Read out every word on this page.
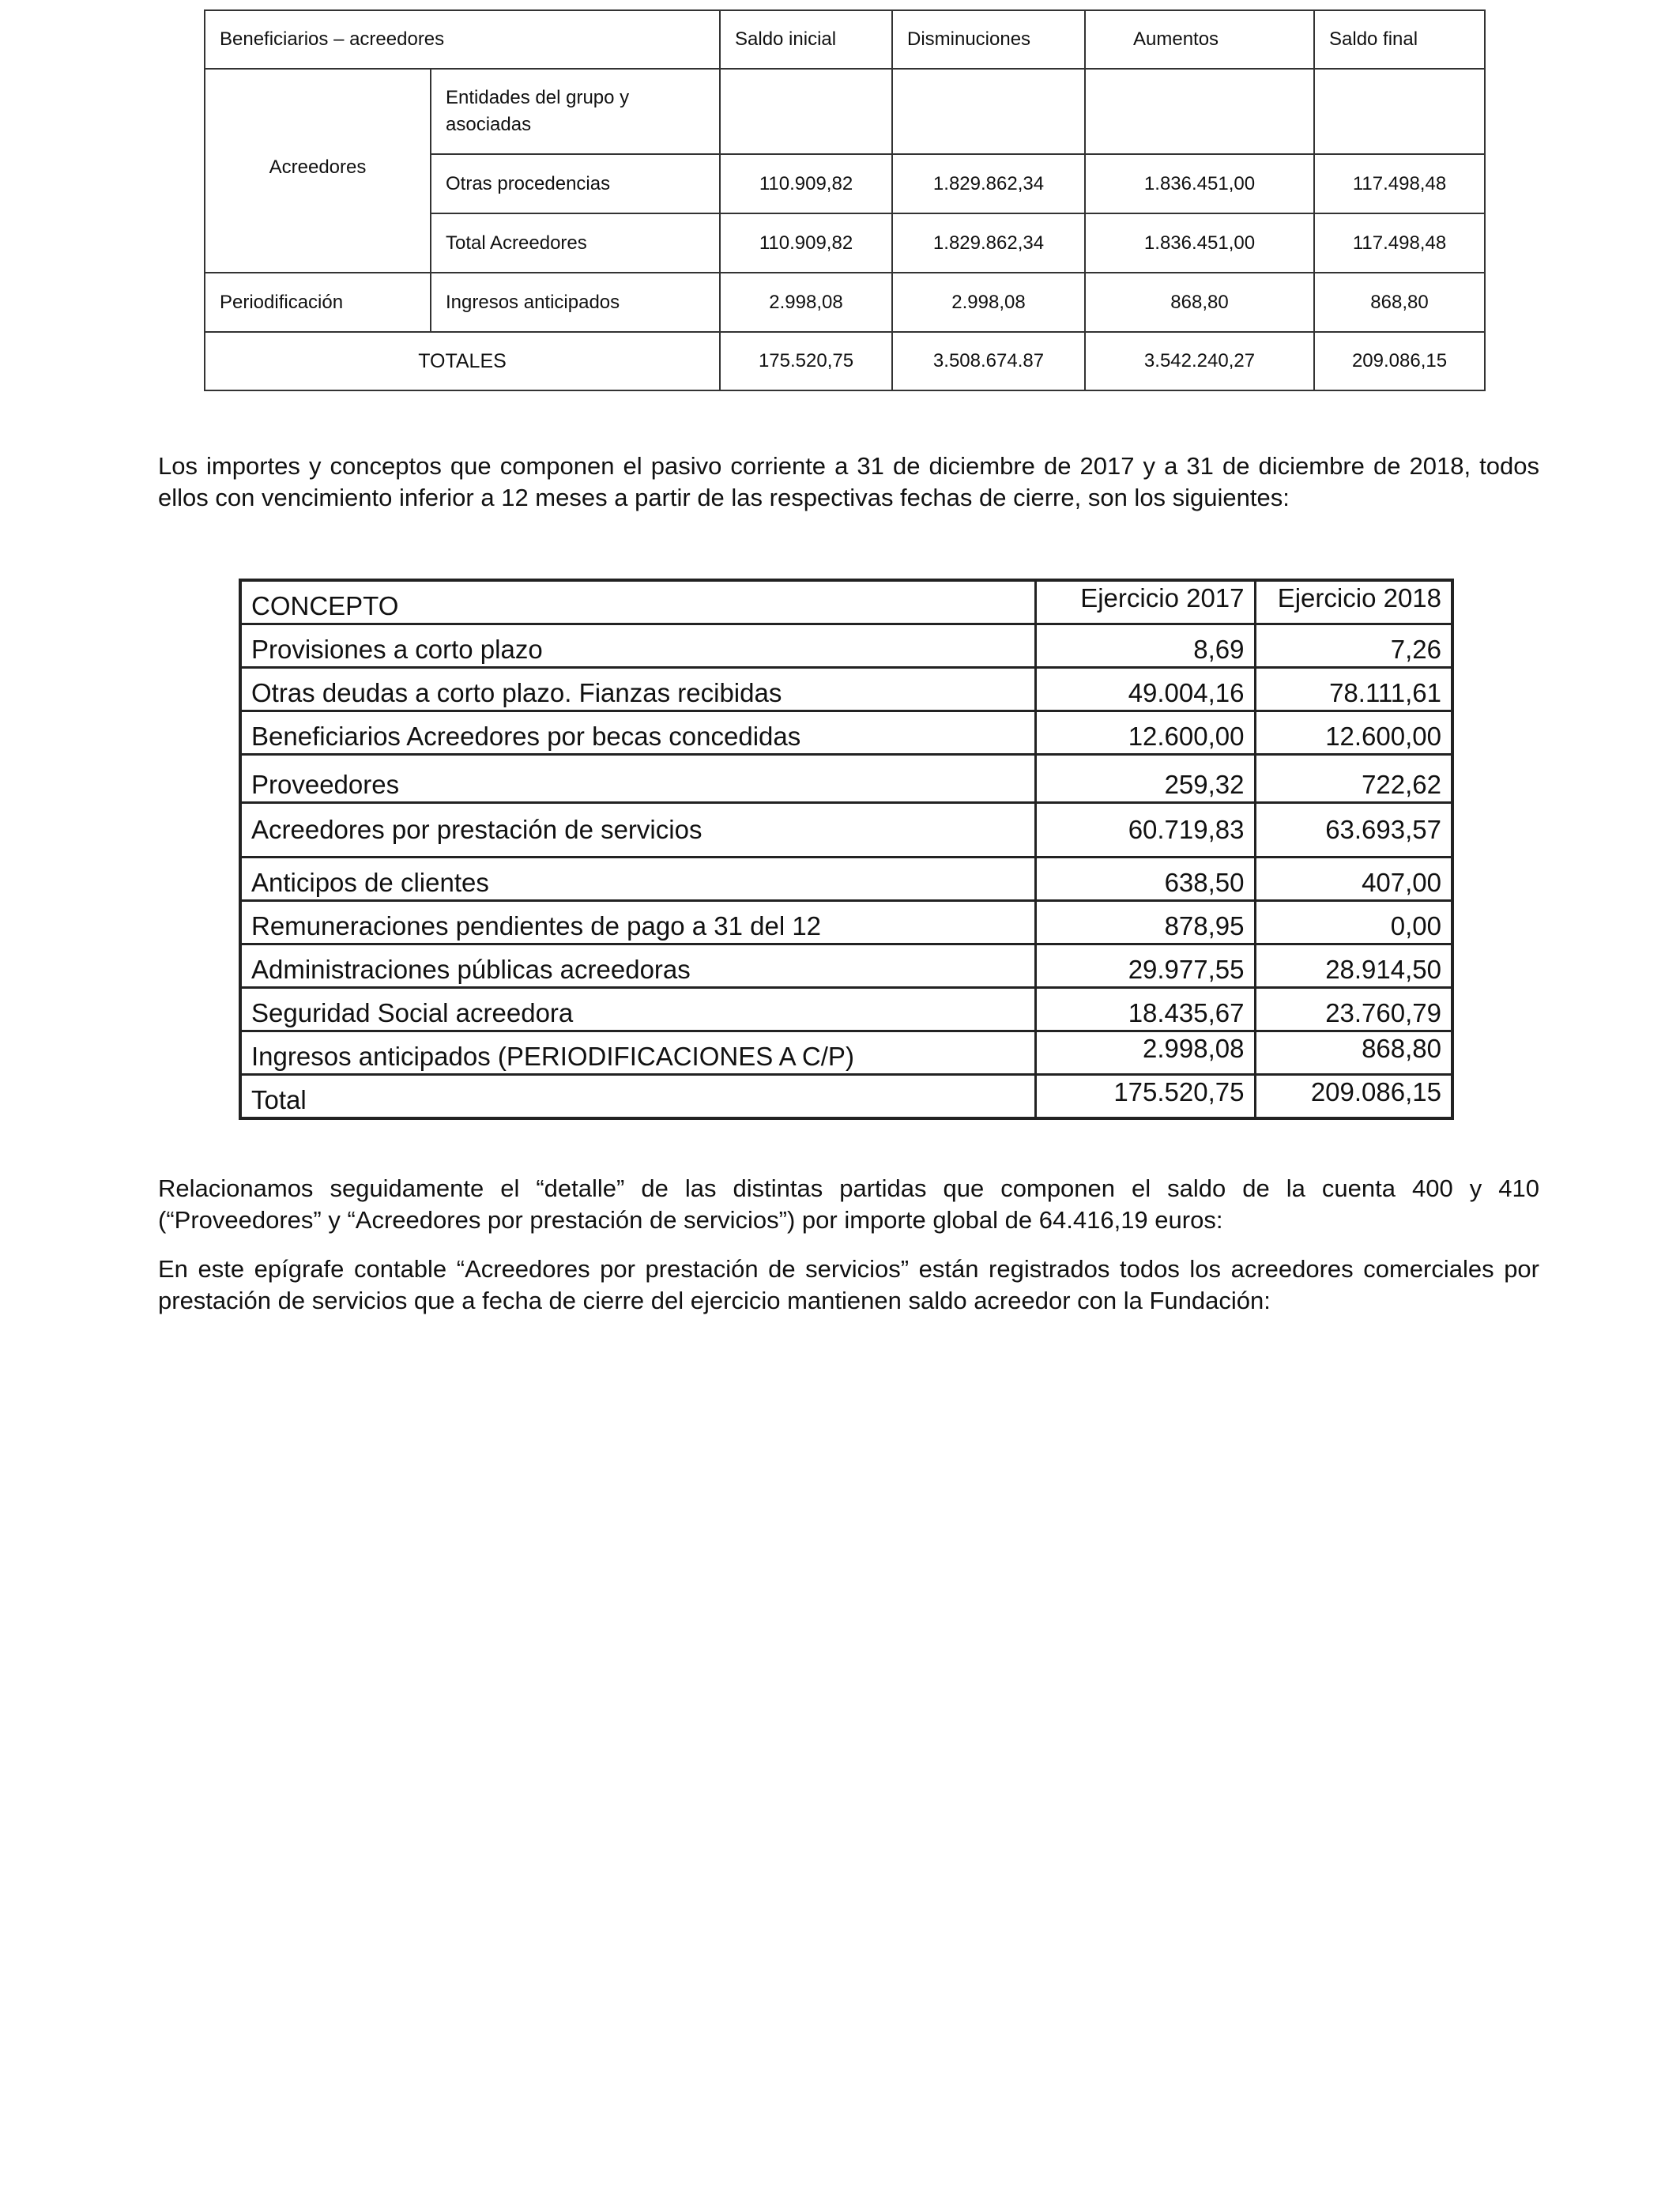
Beneficiarios – acreedores		Saldo inicial	Disminuciones	Aumentos	Saldo final
Acreedores	Entidades del grupo y asociadas				
	Otras procedencias	110.909,82	1.829.862,34	1.836.451,00	117.498,48
	Total Acreedores	110.909,82	1.829.862,34	1.836.451,00	117.498,48
Periodificación	Ingresos anticipados	2.998,08	2.998,08	868,80	868,80
TOTALES		175.520,75	3.508.674.87	3.542.240,27	209.086,15

Los importes y conceptos que componen el pasivo corriente a 31 de diciembre de 2017 y a 31 de diciembre de 2018, todos ellos con vencimiento inferior a 12 meses a partir de las respectivas fechas de cierre, son los siguientes:

CONCEPTO	Ejercicio 2017	Ejercicio 2018
Provisiones a corto plazo	8,69	7,26
Otras deudas a corto plazo. Fianzas recibidas	49.004,16	78.111,61
Beneficiarios Acreedores por becas concedidas	12.600,00	12.600,00
Proveedores	259,32	722,62
Acreedores por prestación de servicios	60.719,83	63.693,57
Anticipos de clientes	638,50	407,00
Remuneraciones pendientes de pago a 31 del 12	878,95	0,00
Administraciones públicas acreedoras	29.977,55	28.914,50
Seguridad Social acreedora	18.435,67	23.760,79
Ingresos anticipados (PERIODIFICACIONES A C/P)	2.998,08	868,80
Total	175.520,75	209.086,15

Relacionamos seguidamente el “detalle” de las distintas partidas que componen el saldo de la cuenta 400 y 410 (“Proveedores” y “Acreedores por prestación de servicios”) por importe global de 64.416,19 euros:

En este epígrafe contable “Acreedores por prestación de servicios” están registrados todos los acreedores comerciales por prestación de servicios que a fecha de cierre del ejercicio mantienen saldo acreedor con la Fundación:
